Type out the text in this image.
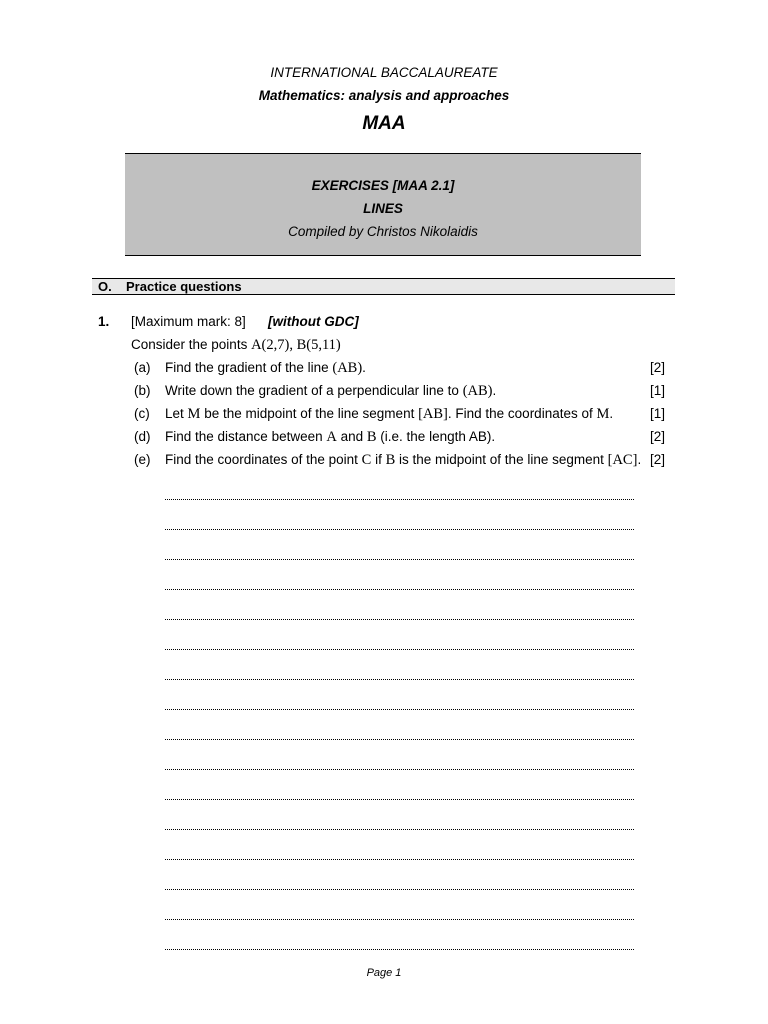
INTERNATIONAL BACCALAUREATE
Mathematics: analysis and approaches
MAA
EXERCISES [MAA 2.1]
LINES
Compiled by Christos Nikolaidis
O. Practice questions
1. [Maximum mark: 8] [without GDC]
Consider the points A(2,7), B(5,11)
(a) Find the gradient of the line (AB).	[2]
(b) Write down the gradient of a perpendicular line to (AB).	[1]
(c) Let M be the midpoint of the line segment [AB]. Find the coordinates of M.	[1]
(d) Find the distance between A and B (i.e. the length AB).	[2]
(e) Find the coordinates of the point C if B is the midpoint of the line segment [AC]. [2]
Page 1
